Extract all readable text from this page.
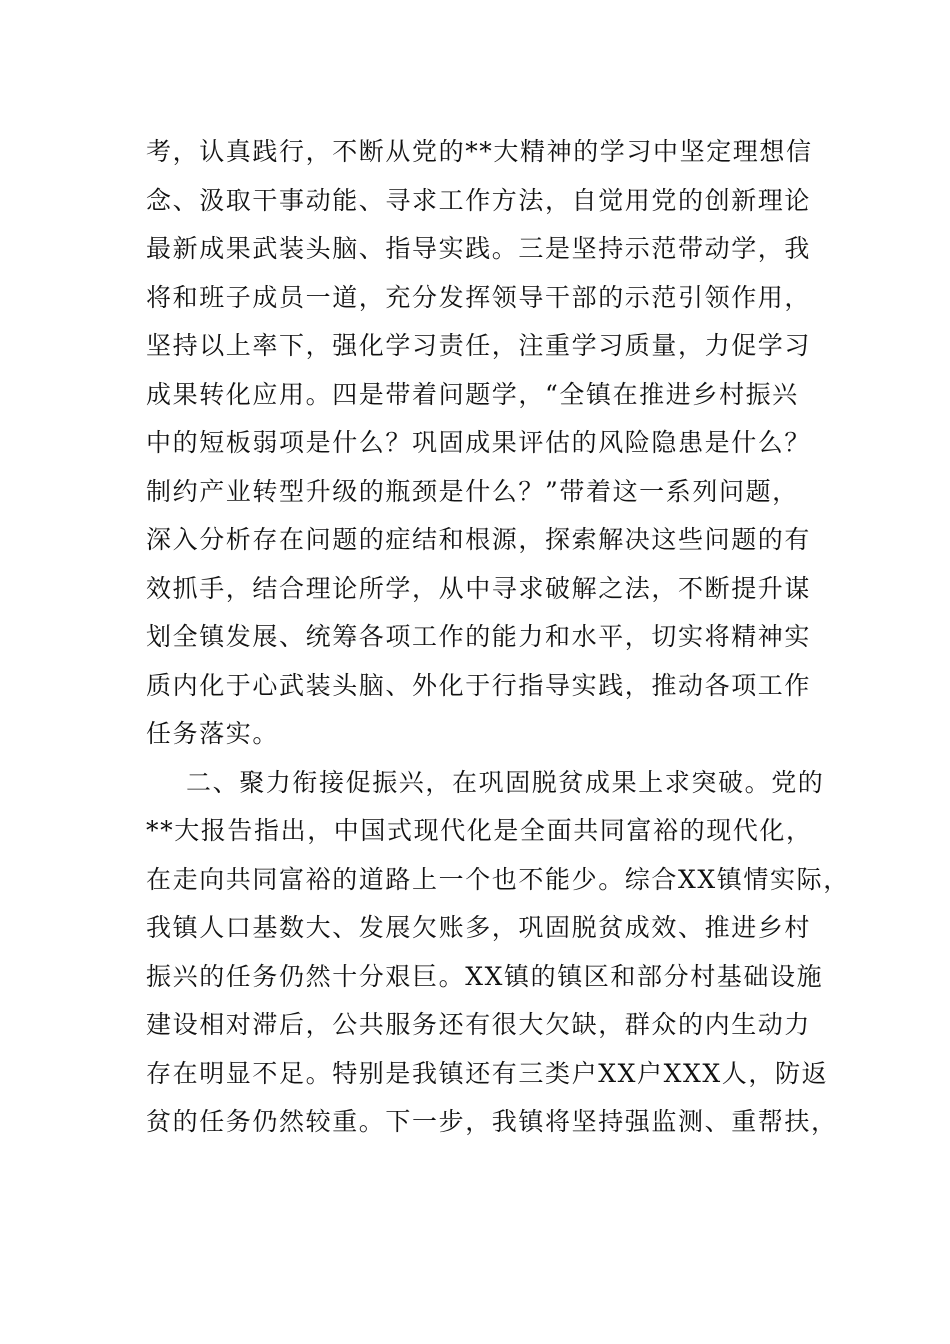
考，认真践行，不断从党的**大精神的学习中坚定理想信
念、汲取干事动能、寻求工作方法，自觉用党的创新理论
最新成果武装头脑、指导实践。三是坚持示范带动学，我
将和班子成员一道，充分发挥领导干部的示范引领作用，
坚持以上率下，强化学习责任，注重学习质量，力促学习
成果转化应用。四是带着问题学，“全镇在推进乡村振兴
中的短板弱项是什么？巩固成果评估的风险隐患是什么？
制约产业转型升级的瓶颈是什么？”带着这一系列问题，
深入分析存在问题的症结和根源，探索解决这些问题的有
效抓手，结合理论所学，从中寻求破解之法，不断提升谋
划全镇发展、统筹各项工作的能力和水平，切实将精神实
质内化于心武装头脑、外化于行指导实践，推动各项工作
任务落实。
二、聚力衔接促振兴，在巩固脱贫成果上求突破。党的
**大报告指出，中国式现代化是全面共同富裕的现代化，
在走向共同富裕的道路上一个也不能少。综合XX镇情实际，
我镇人口基数大、发展欠账多，巩固脱贫成效、推进乡村
振兴的任务仍然十分艰巨。XX镇的镇区和部分村基础设施
建设相对滞后，公共服务还有很大欠缺，群众的内生动力
存在明显不足。特别是我镇还有三类户XX户XXX人，防返
贫的任务仍然较重。下一步，我镇将坚持强监测、重帮扶，
